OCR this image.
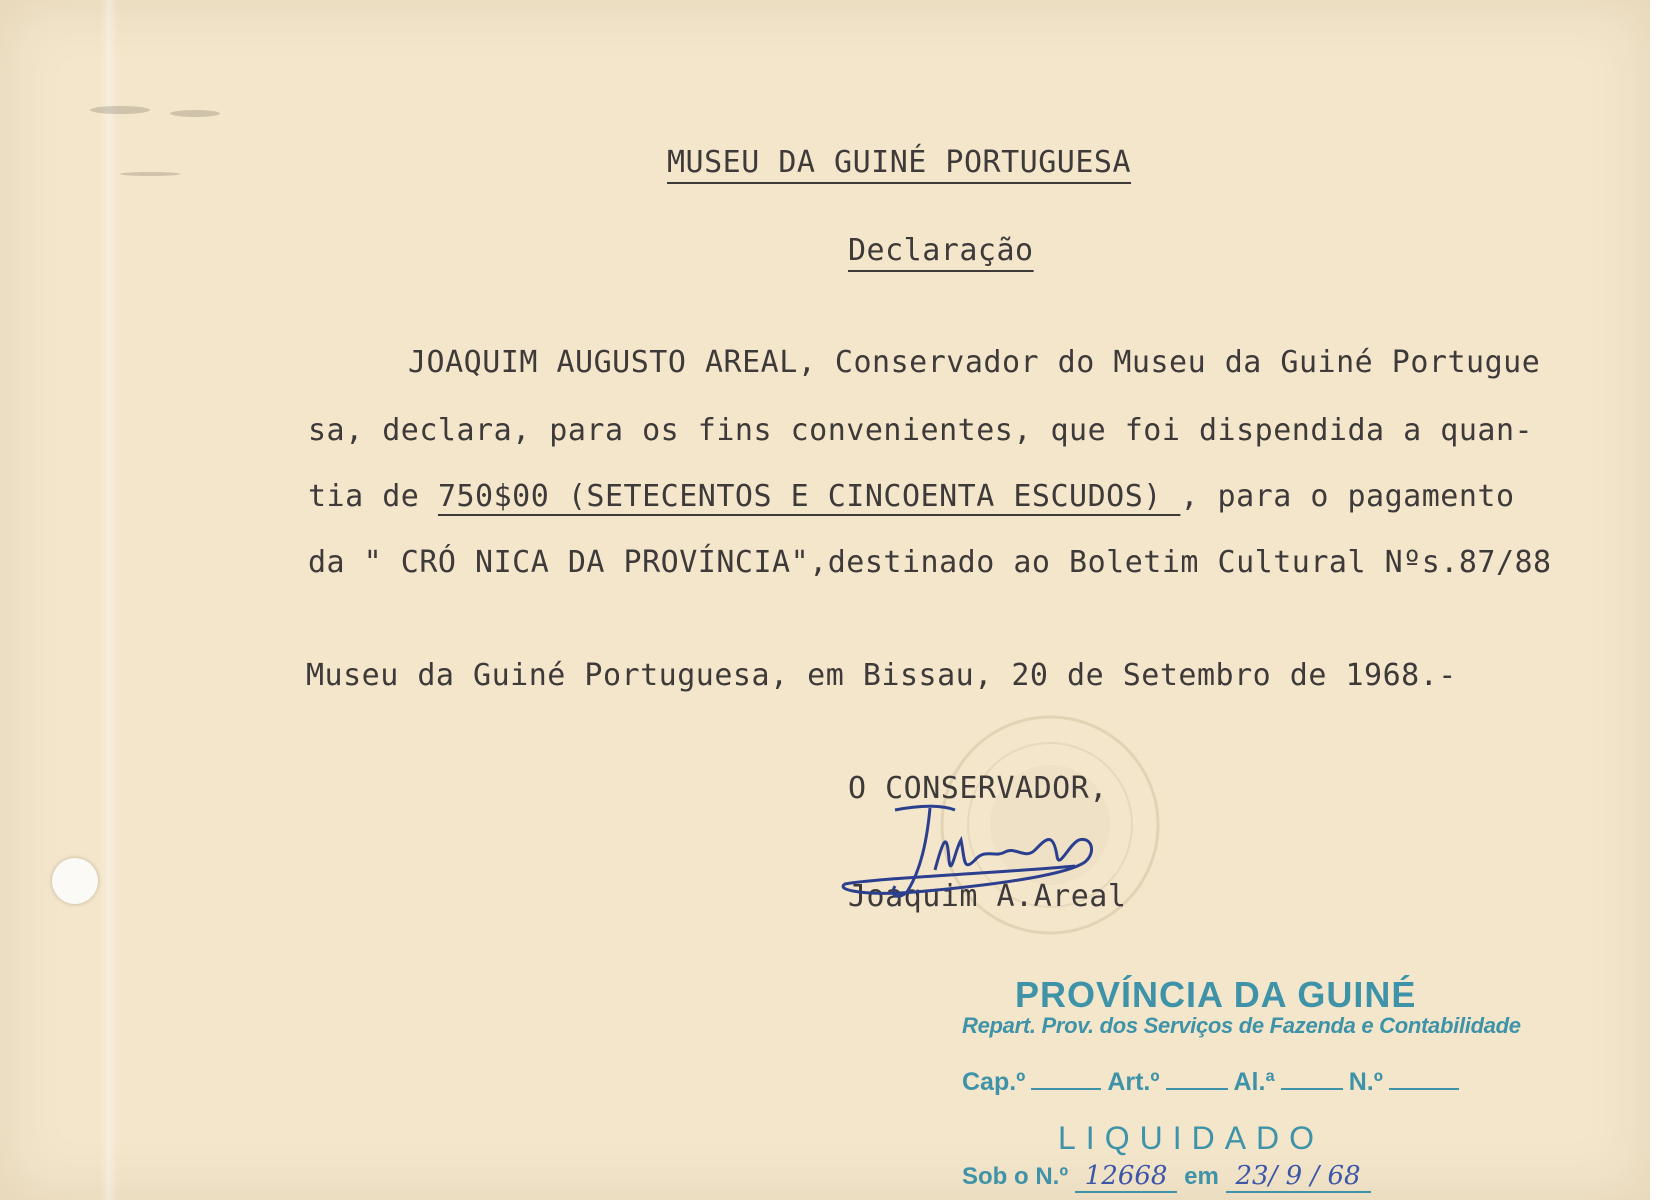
MUSEU DA GUINÉ PORTUGUESA
Declaração
JOAQUIM AUGUSTO AREAL, Conservador do Museu da Guiné Portugue
sa, declara, para os fins convenientes, que foi dispendida a quan-
tia de 750$00 (SETECENTOS E CINCOENTA ESCUDOS) , para o pagamento
da " CRÓ NICA DA PROVÍNCIA",destinado ao Boletim Cultural Nºs.87/88
Museu da Guiné Portuguesa, em Bissau, 20 de Setembro de 1968.-
O CONSERVADOR,
Joaquim A.Areal
PROVÍNCIA DA GUINÉ
Repart. Prov. dos Serviços de Fazenda e Contabilidade
Cap.º	Art.º	Al.ª	N.º
LIQUIDADO
Sob o N.º 12668 em 23/ 9 / 68
